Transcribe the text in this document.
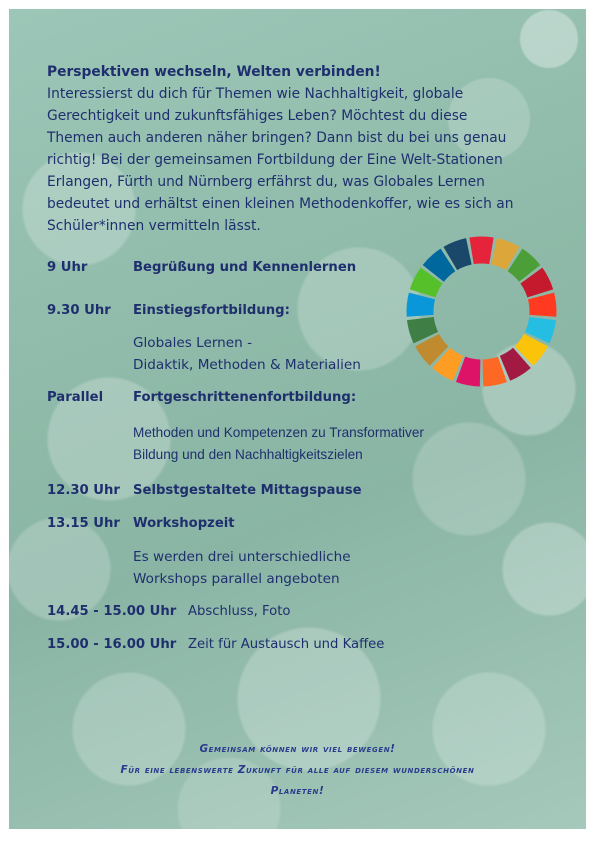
Perspektiven wechseln, Welten verbinden!
Interessierst du dich für Themen wie Nachhaltigkeit, globale
Gerechtigkeit und zukunftsfähiges Leben? Möchtest du diese
Themen auch anderen näher bringen? Dann bist du bei uns genau
richtig! Bei der gemeinsamen Fortbildung der Eine Welt-Stationen
Erlangen, Fürth und Nürnberg erfährst du, was Globales Lernen
bedeutet und erhältst einen kleinen Methodenkoffer, wie es sich an
Schüler*innen vermitteln lässt.
9 Uhr	Begrüßung und Kennenlernen
9.30 Uhr Einstiegsfortbildung:
Globales Lernen -
Didaktik, Methoden & Materialien
Parallel Fortgeschrittenenfortbildung:
Methoden und Kompetenzen zu Transformativer
Bildung und den Nachhaltigkeitszielen
12.30 Uhr Selbstgestaltete Mittagspause
13.15 Uhr Workshopzeit
Es werden drei unterschiedliche
Workshops parallel angeboten
14.45 - 15.00 Uhr Abschluss, Foto
15.00 - 16.00 Uhr Zeit für Austausch und Kaffee
Gemeinsam können wir viel bewegen!
Für eine lebenswerte Zukunft für alle auf diesem wunderschönen
Planeten!
